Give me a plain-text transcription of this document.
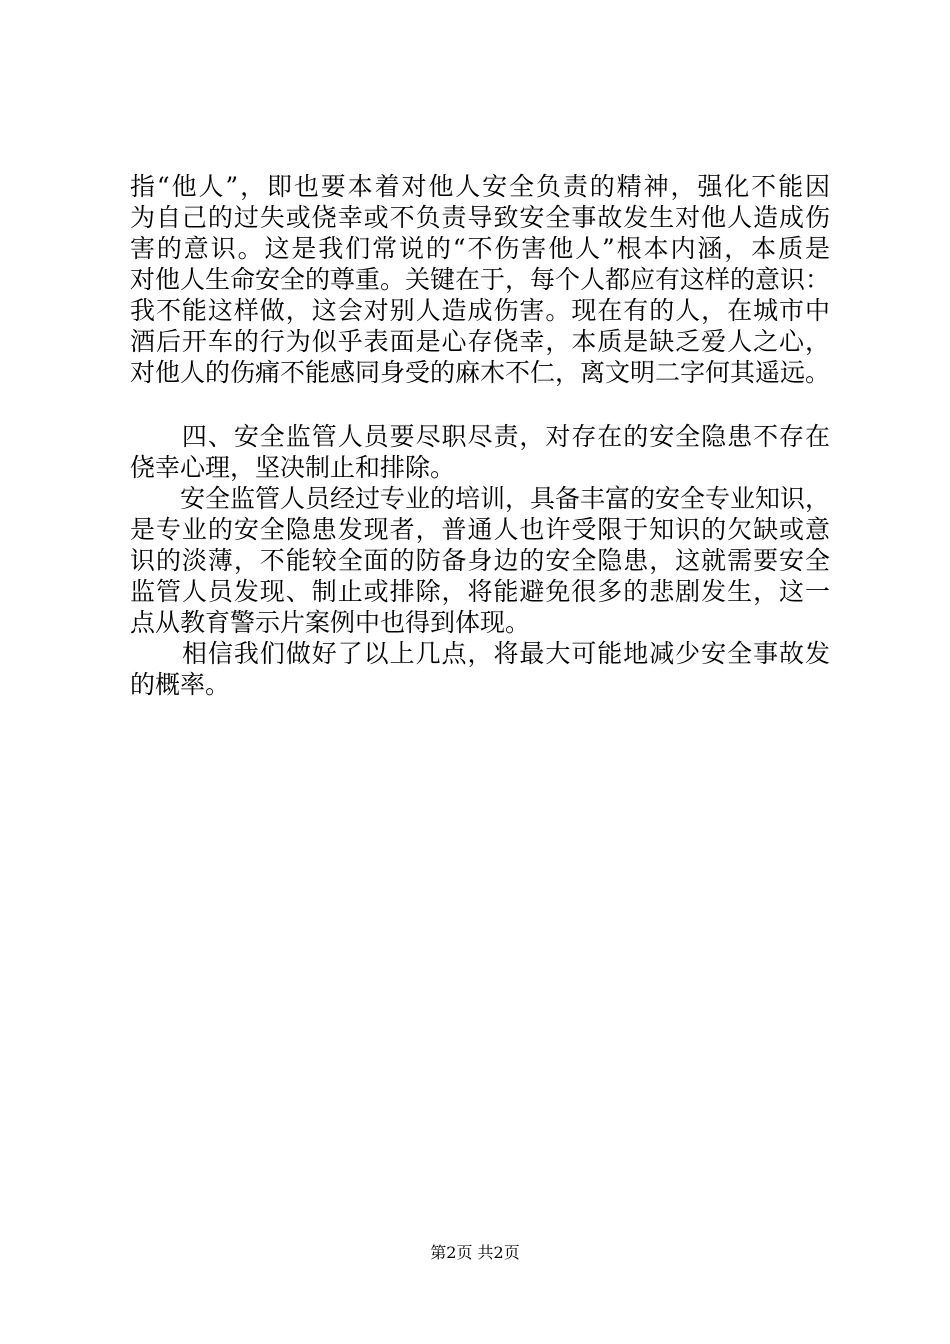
指“他人”，即也要本着对他人安全负责的精神，强化不能因
为自己的过失或侥幸或不负责导致安全事故发生对他人造成伤
害的意识。这是我们常说的“不伤害他人”根本内涵，本质是
对他人生命安全的尊重。关键在于，每个人都应有这样的意识：
我不能这样做，这会对别人造成伤害。现在有的人，在城市中
酒后开车的行为似乎表面是心存侥幸，本质是缺乏爱人之心，
对他人的伤痛不能感同身受的麻木不仁，离文明二字何其遥远。
　　四、安全监管人员要尽职尽责，对存在的安全隐患不存在
侥幸心理，坚决制止和排除。
　　安全监管人员经过专业的培训，具备丰富的安全专业知识，
是专业的安全隐患发现者，普通人也许受限于知识的欠缺或意
识的淡薄，不能较全面的防备身边的安全隐患，这就需要安全
监管人员发现、制止或排除，将能避免很多的悲剧发生，这一
点从教育警示片案例中也得到体现。
　　相信我们做好了以上几点，将最大可能地减少安全事故发
的概率。
第2页 共2页
